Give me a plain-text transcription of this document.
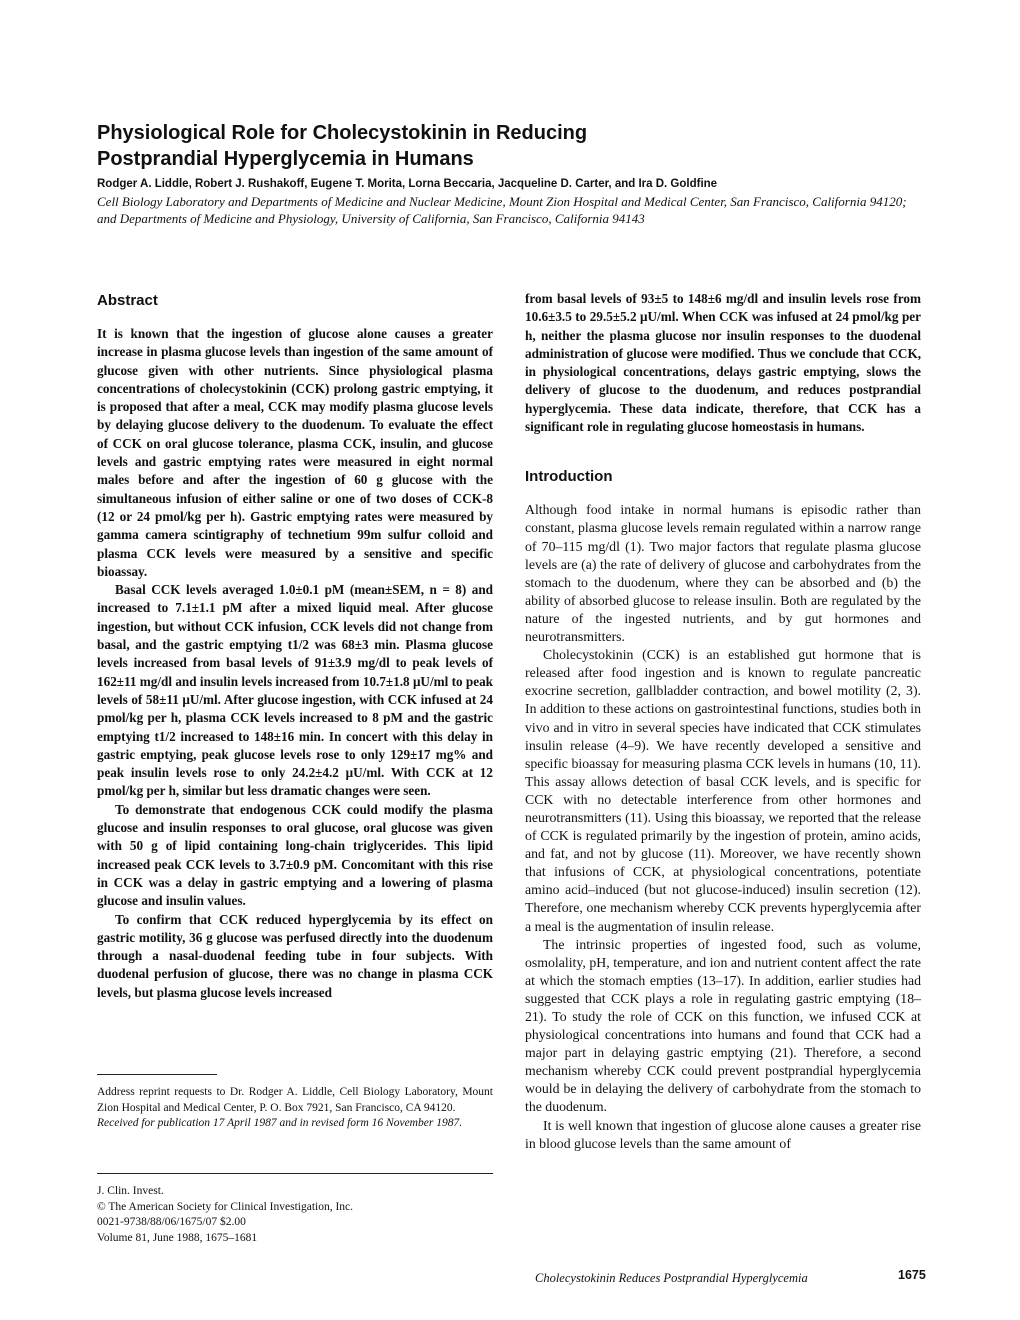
Physiological Role for Cholecystokinin in Reducing
Postprandial Hyperglycemia in Humans
Rodger A. Liddle, Robert J. Rushakoff, Eugene T. Morita, Lorna Beccaria, Jacqueline D. Carter, and Ira D. Goldfine
Cell Biology Laboratory and Departments of Medicine and Nuclear Medicine, Mount Zion Hospital and Medical Center, San Francisco, California 94120; and Departments of Medicine and Physiology, University of California, San Francisco, California 94143
Abstract

It is known that the ingestion of glucose alone causes a greater increase in plasma glucose levels than ingestion of the same amount of glucose given with other nutrients. Since physiological plasma concentrations of cholecystokinin (CCK) prolong gastric emptying, it is proposed that after a meal, CCK may modify plasma glucose levels by delaying glucose delivery to the duodenum. To evaluate the effect of CCK on oral glucose tolerance, plasma CCK, insulin, and glucose levels and gastric emptying rates were measured in eight normal males before and after the ingestion of 60 g glucose with the simultaneous infusion of either saline or one of two doses of CCK-8 (12 or 24 pmol/kg per h). Gastric emptying rates were measured by gamma camera scintigraphy of technetium 99m sulfur colloid and plasma CCK levels were measured by a sensitive and specific bioassay.

Basal CCK levels averaged 1.0±0.1 pM (mean±SEM, n = 8) and increased to 7.1±1.1 pM after a mixed liquid meal. After glucose ingestion, but without CCK infusion, CCK levels did not change from basal, and the gastric emptying t1/2 was 68±3 min. Plasma glucose levels increased from basal levels of 91±3.9 mg/dl to peak levels of 162±11 mg/dl and insulin levels increased from 10.7±1.8 μU/ml to peak levels of 58±11 μU/ml. After glucose ingestion, with CCK infused at 24 pmol/kg per h, plasma CCK levels increased to 8 pM and the gastric emptying t1/2 increased to 148±16 min. In concert with this delay in gastric emptying, peak glucose levels rose to only 129±17 mg% and peak insulin levels rose to only 24.2±4.2 μU/ml. With CCK at 12 pmol/kg per h, similar but less dramatic changes were seen.

To demonstrate that endogenous CCK could modify the plasma glucose and insulin responses to oral glucose, oral glucose was given with 50 g of lipid containing long-chain triglycerides. This lipid increased peak CCK levels to 3.7±0.9 pM. Concomitant with this rise in CCK was a delay in gastric emptying and a lowering of plasma glucose and insulin values.

To confirm that CCK reduced hyperglycemia by its effect on gastric motility, 36 g glucose was perfused directly into the duodenum through a nasal-duodenal feeding tube in four subjects. With duodenal perfusion of glucose, there was no change in plasma CCK levels, but plasma glucose levels increased

Address reprint requests to Dr. Rodger A. Liddle, Cell Biology Laboratory, Mount Zion Hospital and Medical Center, P. O. Box 7921, San Francisco, CA 94120.

Received for publication 17 April 1987 and in revised form 16 November 1987.

J. Clin. Invest.

© The American Society for Clinical Investigation, Inc.

0021-9738/88/06/1675/07 $2.00

Volume 81, June 1988, 1675–1681

from basal levels of 93±5 to 148±6 mg/dl and insulin levels rose from 10.6±3.5 to 29.5±5.2 μU/ml. When CCK was infused at 24 pmol/kg per h, neither the plasma glucose nor insulin responses to the duodenal administration of glucose were modified. Thus we conclude that CCK, in physiological concentrations, delays gastric emptying, slows the delivery of glucose to the duodenum, and reduces postprandial hyperglycemia. These data indicate, therefore, that CCK has a significant role in regulating glucose homeostasis in humans.

Introduction

Although food intake in normal humans is episodic rather than constant, plasma glucose levels remain regulated within a narrow range of 70–115 mg/dl (1). Two major factors that regulate plasma glucose levels are (a) the rate of delivery of glucose and carbohydrates from the stomach to the duodenum, where they can be absorbed and (b) the ability of absorbed glucose to release insulin. Both are regulated by the nature of the ingested nutrients, and by gut hormones and neurotransmitters.

Cholecystokinin (CCK) is an established gut hormone that is released after food ingestion and is known to regulate pancreatic exocrine secretion, gallbladder contraction, and bowel motility (2, 3). In addition to these actions on gastrointestinal functions, studies both in vivo and in vitro in several species have indicated that CCK stimulates insulin release (4–9). We have recently developed a sensitive and specific bioassay for measuring plasma CCK levels in humans (10, 11). This assay allows detection of basal CCK levels, and is specific for CCK with no detectable interference from other hormones and neurotransmitters (11). Using this bioassay, we reported that the release of CCK is regulated primarily by the ingestion of protein, amino acids, and fat, and not by glucose (11). Moreover, we have recently shown that infusions of CCK, at physiological concentrations, potentiate amino acid–induced (but not glucose-induced) insulin secretion (12). Therefore, one mechanism whereby CCK prevents hyperglycemia after a meal is the augmentation of insulin release.

The intrinsic properties of ingested food, such as volume, osmolality, pH, temperature, and ion and nutrient content affect the rate at which the stomach empties (13–17). In addition, earlier studies had suggested that CCK plays a role in regulating gastric emptying (18–21). To study the role of CCK on this function, we infused CCK at physiological concentrations into humans and found that CCK had a major part in delaying gastric emptying (21). Therefore, a second mechanism whereby CCK could prevent postprandial hyperglycemia would be in delaying the delivery of carbohydrate from the stomach to the duodenum.

It is well known that ingestion of glucose alone causes a greater rise in blood glucose levels than the same amount of

Cholecystokinin Reduces Postprandial Hyperglycemia	1675
